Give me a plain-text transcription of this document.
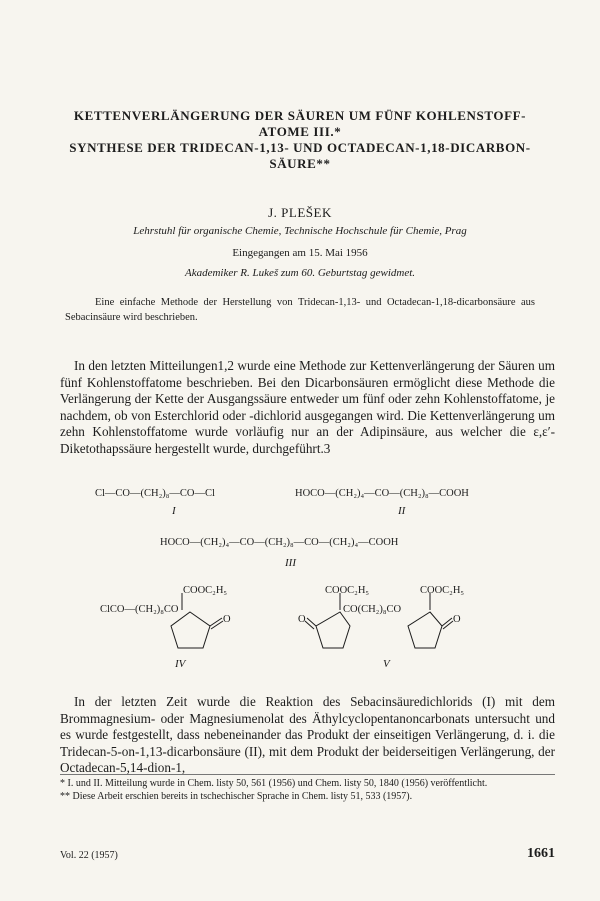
KETTENVERLÄNGERUNG DER SÄUREN UM FÜNF KOHLENSTOFF-
ATOME III.*
SYNTHESE DER TRIDECAN-1,13- UND OCTADECAN-1,18-DICARBON-
SÄURE**
J. PLEŠEK
Lehrstuhl für organische Chemie, Technische Hochschule für Chemie, Prag
Eingegangen am 15. Mai 1956
Akademiker R. Lukeš zum 60. Geburtstag gewidmet.

Eine einfache Methode der Herstellung von Tridecan-1,13- und Octadecan-1,18-dicarbonsäure aus Sebacinsäure wird beschrieben.

In den letzten Mitteilungen1,2 wurde eine Methode zur Kettenverlängerung der Säuren um fünf Kohlenstoffatome beschrieben. Bei den Dicarbonsäuren ermöglicht diese Methode die Verlängerung der Kette der Ausgangssäure entweder um fünf oder zehn Kohlenstoffatome, je nachdem, ob von Esterchlorid oder -dichlorid ausgegangen wird. Die Kettenverlängerung um zehn Kohlenstoffatome wurde vorläufig nur an der Adipinsäure, aus welcher die ε,ε′-Diketothapssäure hergestellt wurde, durchgeführt.3

Cl—CO—(CH₂)₈—CO—Cl
I
HOCO—(CH₂)₄—CO—(CH₂)₈—COOH
II
HOCO—(CH₂)₄—CO—(CH₂)₈—CO—(CH₂)₄—COOH
III
COOC₂H₅
ClCO—(CH₂)₈CO
O
IV
COOC₂H₅	COOC₂H₅
CO(CH₂)₈CO
O	O
V

In der letzten Zeit wurde die Reaktion des Sebacinsäuredichlorids (I) mit dem Brommagnesium- oder Magnesiumenolat des Äthylcyclopentanoncarbonats untersucht und es wurde festgestellt, dass nebeneinander das Produkt der einseitigen Verlängerung, d. i. die Tridecan-5-on-1,13-dicarbonsäure (II), mit dem Produkt der beiderseitigen Verlängerung, der Octadecan-5,14-dion-1,

* I. und II. Mitteilung wurde in Chem. listy 50, 561 (1956) und Chem. listy 50, 1840 (1956) veröffentlicht.

** Diese Arbeit erschien bereits in tschechischer Sprache in Chem. listy 51, 533 (1957).

Vol. 22 (1957)	1661
